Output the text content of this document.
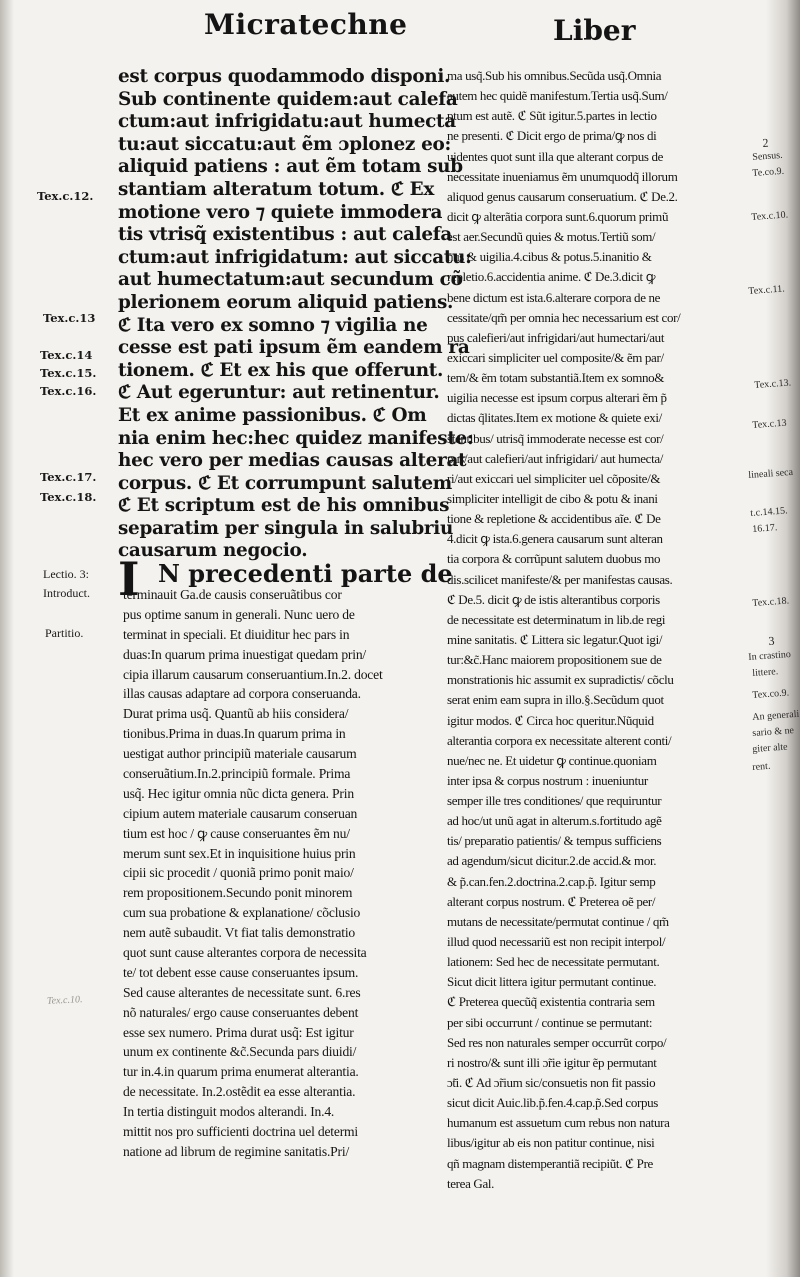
Micratechne	Liber
est corpus quodammodo disponi.
Sub continente quidem:aut calefa
ctum:aut infrigidatu:aut humecta
tu:aut siccatu:aut ẽm ɔplonez eo:
aliquid patiens : aut ẽm totam sub
stantiam alteratum totum. ℭ Ex
motione vero ⁊ quiete immodera
tis vtrisq̃ existentibus : aut calefa
ctum:aut infrigidatum: aut siccatu:
aut humectatum:aut secundum cõ
plerionem eorum aliquid patiens.
ℭ Ita vero ex somno ⁊ vigilia ne
cesse est pati ipsum ẽm eandem ra
tionem. ℭ Et ex his que offerunt.
ℭ Aut egeruntur: aut retinentur.
Et ex anime passionibus. ℭ Om
nia enim hec:hec quidez manifeste:
hec vero per medias causas alterat
corpus. ℭ Et corrumpunt salutem
ℭ Et scriptum est de his omnibus
separatim per singula in salubriu
causarum negocio.
I N precedenti parte de
terminauit Ga.de causis conseruãtibus cor
pus optime sanum in generali. Nunc uero de
terminat in speciali. Et diuiditur hec pars in
duas:In quarum prima inuestigat quedam prin/
cipia illarum causarum conseruantium.In.2. docet
illas causas adaptare ad corpora conseruanda.
Durat prima usq̃. Quantũ ab hiis considera/
tionibus.Prima in duas.In quarum prima in
uestigat author principiũ materiale causarum
conseruãtium.In.2.principiũ formale. Prima
usq̃. Hec igitur omnia nũc dicta genera. Prin
cipium autem materiale causarum conseruan
tium est hoc / ꝙ cause conseruantes ẽm nu/
merum sunt sex.Et in inquisitione huius prin
cipii sic procedit / quoniã primo ponit maio/
rem propositionem.Secundo ponit minorem
cum sua probatione & explanatione/ cõclusio
nem autẽ subaudit. Vt fiat talis demonstratio
quot sunt cause alterantes corpora de necessita
te/ tot debent esse cause conseruantes ipsum.
Sed cause alterantes de necessitate sunt. 6.res
nõ naturales/ ergo cause conseruantes debent
esse sex numero. Prima durat usq̃: Est igitur
unum ex continente &c̃.Secunda pars diuidi/
tur in.4.in quarum prima enumerat alterantia.
de necessitate. In.2.ostẽdit ea esse alterantia.
In tertia distinguit modos alterandi. In.4.
mittit nos pro sufficienti doctrina uel determi
natione ad librum de regimine sanitatis.Pri/
ma usq̃.Sub his omnibus.Secũda usq̃.Omnia
autem hec quidẽ manifestum.Tertia usq̃.Sum/
ptum est autẽ. ℭ Sũt igitur.5.partes in lectio
ne presenti. ℭ Dicit ergo de prima/ꝙ nos di
uidentes quot sunt illa que alterant corpus de
necessitate inueniamus ẽm unumquodq̃ illorum
aliquod genus causarum conseruatium. ℭ De.2.
dicit ꝙ alterãtia corpora sunt.6.quorum primũ
est aer.Secundũ quies & motus.Tertiũ som/
nus & uigilia.4.cibus & potus.5.inanitio &
repletio.6.accidentia anime. ℭ De.3.dicit ꝙ
bene dictum est ista.6.alterare corpora de ne
cessitate/qm̃ per omnia hec necessarium est cor/
pus calefieri/aut infrigidari/aut humectari/aut
exiccari simpliciter uel composite/& ẽm par/
tem/& ẽm totam substantiã.Item ex somno&
uigilia necesse est ipsum corpus alterari ẽm p̃
dictas q̃litates.Item ex motione & quiete exi/
stentibus/ utrisq̃ immoderate necesse est cor/
pus/aut calefieri/aut infrigidari/ aut humecta/
ri/aut exiccari uel simpliciter uel cõposite/&
simpliciter intelligit de cibo & potu & inani
tione & repletione & accidentibus aĩe. ℭ De
4.dicit ꝙ ista.6.genera causarum sunt alteran
tia corpora & corrũpunt salutem duobus mo
dis.scilicet manifeste/& per manifestas causas.
ℭ De.5. dicit ꝙ de istis alterantibus corporis
de necessitate est determinatum in lib.de regi
mine sanitatis. ℭ Littera sic legatur.Quot igi/
tur:&c̃.Hanc maiorem propositionem sue de
monstrationis hic assumit ex supradictis/ cõclu
serat enim eam supra in illo.§.Secũdum quot
igitur modos. ℭ Circa hoc queritur.Nũquid
alterantia corpora ex necessitate alterent conti/
nue/nec ne. Et uidetur ꝙ continue.quoniam
inter ipsa & corpus nostrum : inueniuntur
semper ille tres conditiones/ que requiruntur
ad hoc/ut unũ agat in alterum.s.fortitudo agẽ
tis/ preparatio patientis/ & tempus sufficiens
ad agendum/sicut dicitur.2.de accid.& mor.
& p̃.can.fen.2.doctrina.2.cap.p̃. Igitur semp
alterant corpus nostrum. ℭ Preterea oẽ per/
mutans de necessitate/permutat continue / qm̃
illud quod necessariũ est non recipit interpol/
lationem: Sed hec de necessitate permutant.
Sicut dicit littera igitur permutant continue.
ℭ Preterea quecũq̃ existentia contraria sem
per sibi occurrunt / continue se permutant:
Sed res non naturales semper occurrũt corpo/
ri nostro/& sunt illi ɔ̃rie igitur ẽp permutant
ɔ̃ti. ℭ Ad ɔ̃rium sic/consuetis non fit passio
sicut dicit Auic.lib.p̃.fen.4.cap.p̃.Sed corpus
humanum est assuetum cum rebus non natura
libus/igitur ab eis non patitur continue, nisi
qñ magnam distemperantiã recipiũt. ℭ Pre
terea Gal.
Tex.c.12.
Tex.c.13
Tex.c.14
Tex.c.15.
Tex.c.16.
Tex.c.17.
Tex.c.18.
Lectio. 3:
Introduct.
Partitio.
2
Sensus.
Te.co.9.
Tex.c.10.
Tex.c.11.
Tex.c.13.
Tex.c.13
lineali seca
t.c.14.15.
16.17.
Tex.c.18.
3
In crastino
littere.
Tex.co.9.
An generali
sario & ne
giter alte
rent.
Tex.c.10.
